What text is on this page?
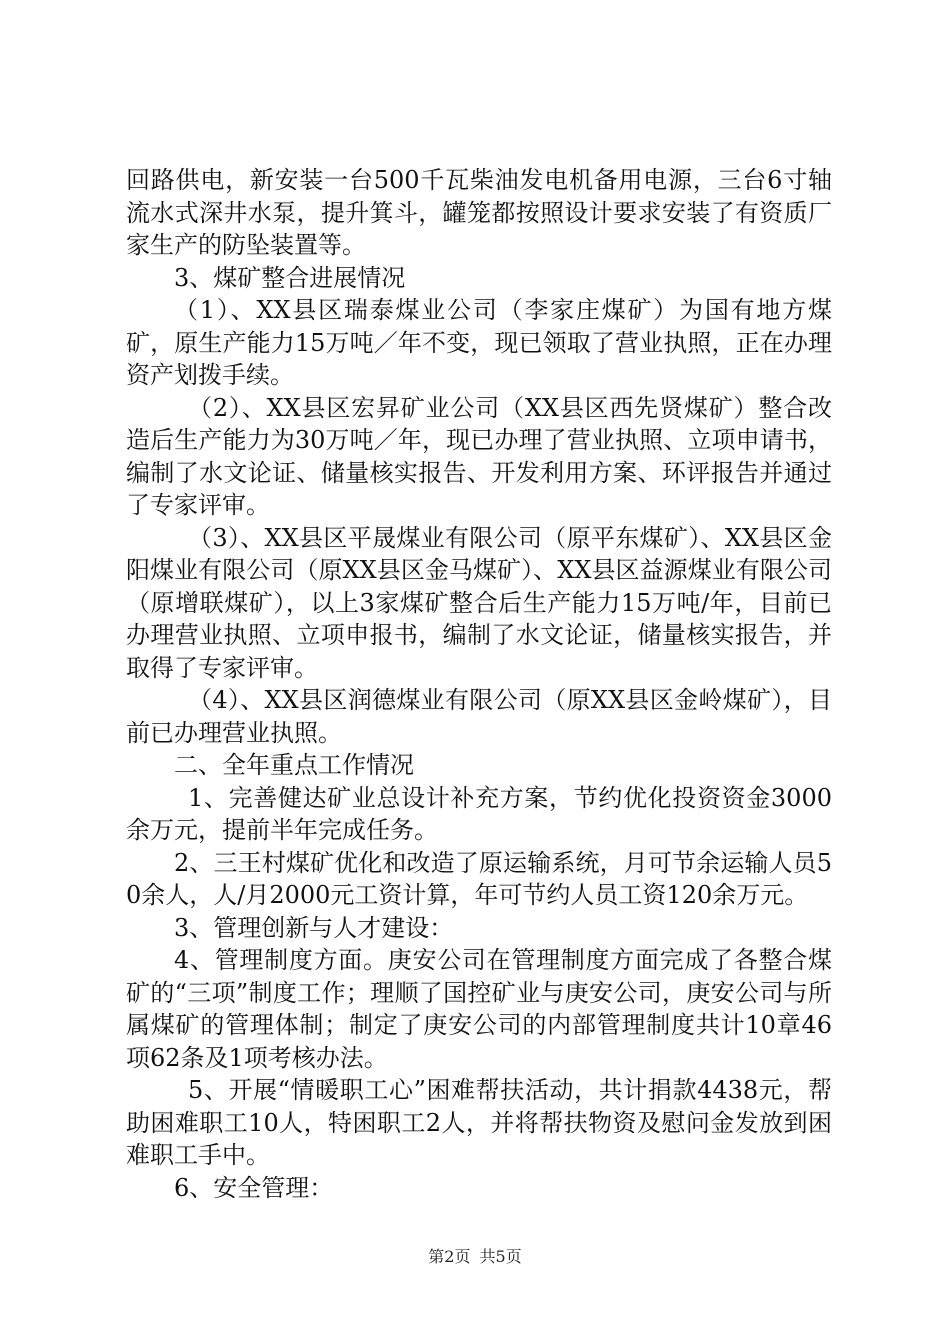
回路供电，新安装一台500千瓦柴油发电机备用电源，三台6寸轴流水式深井水泵，提升箕斗，罐笼都按照设计要求安装了有资质厂家生产的防坠装置等。

3、煤矿整合进展情况

（1）、XX县区瑞泰煤业公司（李家庄煤矿）为国有地方煤矿，原生产能力15万吨／年不变，现已领取了营业执照，正在办理资产划拨手续。

（2）、XX县区宏昇矿业公司（XX县区西先贤煤矿）整合改造后生产能力为30万吨／年，现已办理了营业执照、立项申请书，编制了水文论证、储量核实报告、开发利用方案、环评报告并通过了专家评审。

（3）、XX县区平晟煤业有限公司（原平东煤矿）、XX县区金阳煤业有限公司（原XX县区金马煤矿）、XX县区益源煤业有限公司（原增联煤矿），以上3家煤矿整合后生产能力15万吨/年，目前已办理营业执照、立项申报书，编制了水文论证，储量核实报告，并取得了专家评审。

（4）、XX县区润德煤业有限公司（原XX县区金岭煤矿），目前已办理营业执照。

二、全年重点工作情况

1、完善健达矿业总设计补充方案，节约优化投资资金3000余万元，提前半年完成任务。

2、三王村煤矿优化和改造了原运输系统，月可节余运输人员50余人，人/月2000元工资计算，年可节约人员工资120余万元。

3、管理创新与人才建设：

4、管理制度方面。庚安公司在管理制度方面完成了各整合煤矿的“三项”制度工作；理顺了国控矿业与庚安公司，庚安公司与所属煤矿的管理体制；制定了庚安公司的内部管理制度共计10章46项62条及1项考核办法。

5、开展“情暖职工心”困难帮扶活动，共计捐款4438元，帮助困难职工10人，特困职工2人，并将帮扶物资及慰问金发放到困难职工手中。

6、安全管理：

第2页 共5页
